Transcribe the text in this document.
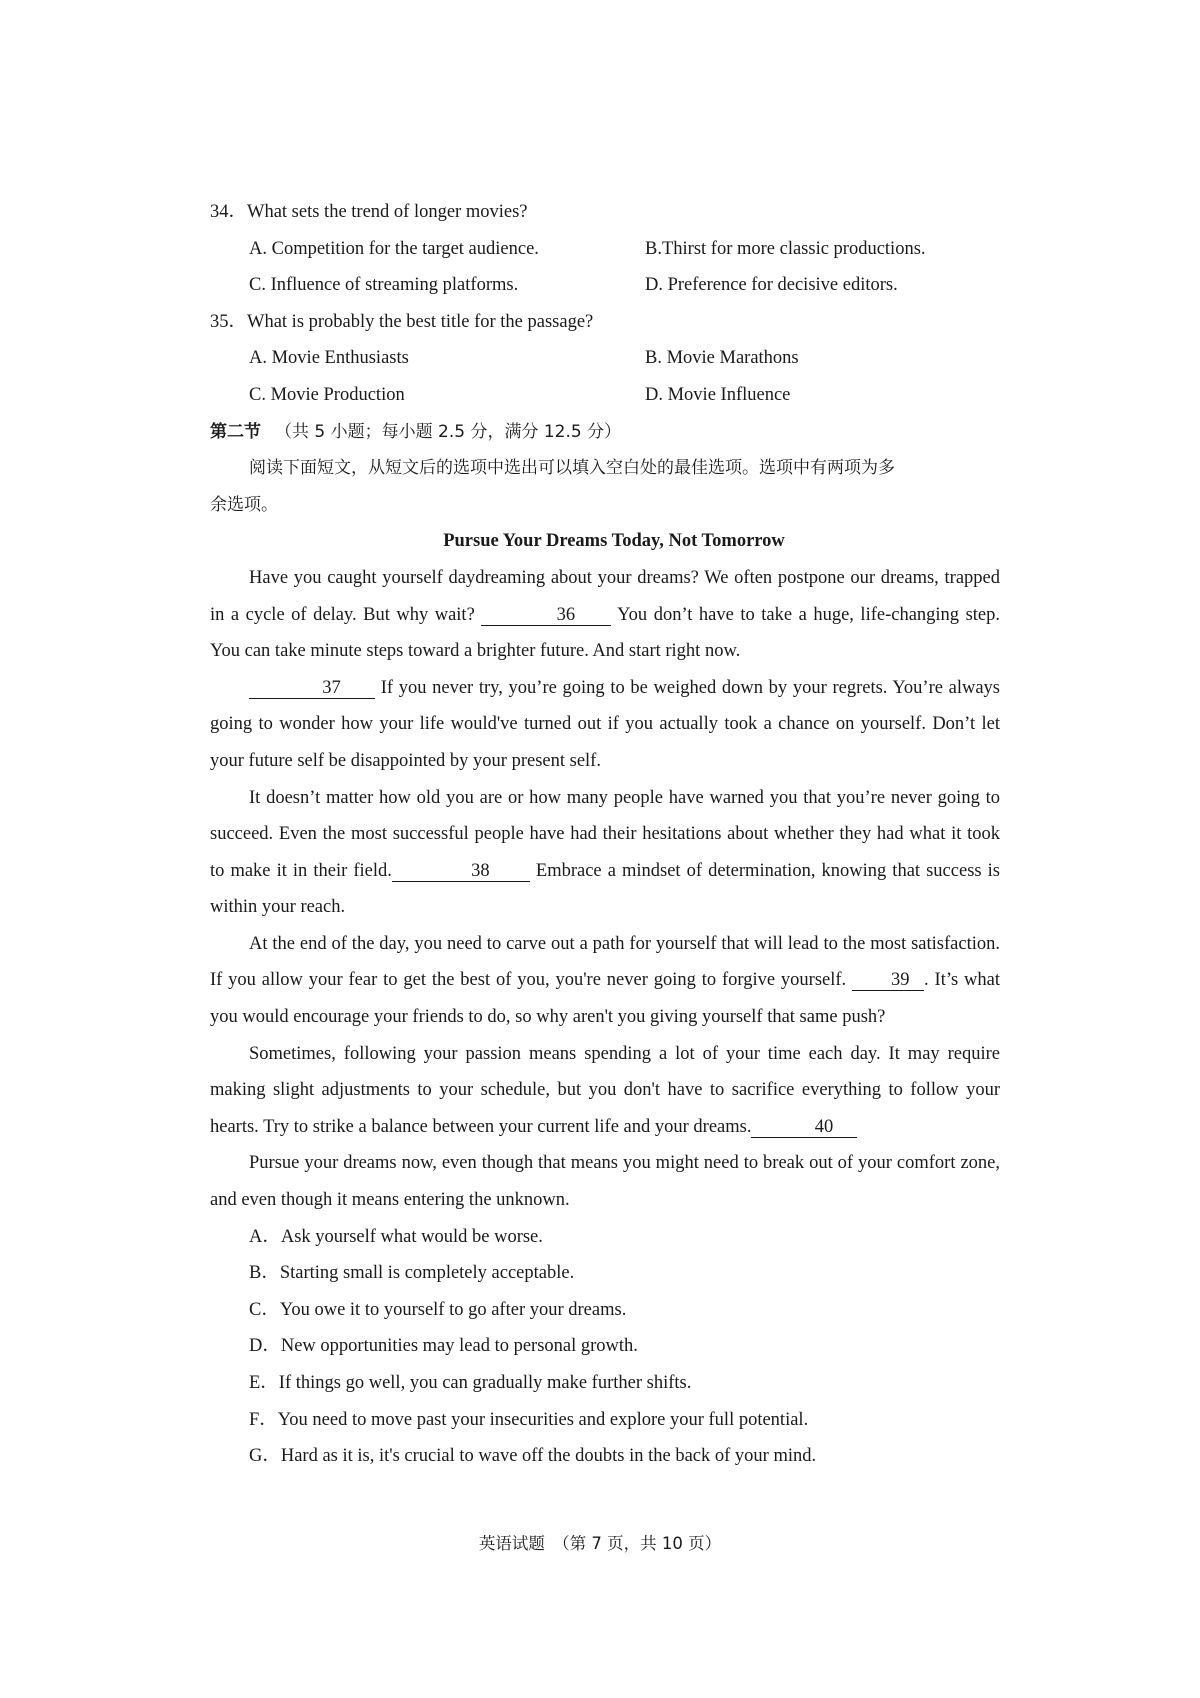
34．What sets the trend of longer movies?
A. Competition for the target audience.	B.Thirst for more classic productions.
C. Influence of streaming platforms.	D. Preference for decisive editors.
35．What is probably the best title for the passage?
A. Movie Enthusiasts	B. Movie Marathons
C. Movie Production	D. Movie Influence
第二节 （共 5 小题；每小题 2.5 分，满分 12.5 分）
阅读下面短文，从短文后的选项中选出可以填入空白处的最佳选项。选项中有两项为多
余选项。
Pursue Your Dreams Today, Not Tomorrow

Have you caught yourself daydreaming about your dreams? We often postpone our dreams, trapped in a cycle of delay. But why wait?	36 You don’t have to take a huge, life-changing step. You can take minute steps toward a brighter future. And start right now.

37 If you never try, you’re going to be weighed down by your regrets. You’re always going to wonder how your life would've turned out if you actually took a chance on yourself. Don’t let your future self be disappointed by your present self.

It doesn’t matter how old you are or how many people have warned you that you’re never going to succeed. Even the most successful people have had their hesitations about whether they had what it took to make it in their field.	38	Embrace a mindset of determination, knowing that success is within your reach.

At the end of the day, you need to carve out a path for yourself that will lead to the most satisfaction. If you allow your fear to get the best of you, you're never going to forgive yourself. 39 . It’s what you would encourage your friends to do, so why aren't you giving yourself that same push?

Sometimes, following your passion means spending a lot of your time each day. It may require making slight adjustments to your schedule, but you don't have to sacrifice everything to follow your hearts. Try to strike a balance between your current life and your dreams.	40

Pursue your dreams now, even though that means you might need to break out of your comfort zone, and even though it means entering the unknown.

A．Ask yourself what would be worse.
B．Starting small is completely acceptable.
C．You owe it to yourself to go after your dreams.
D．New opportunities may lead to personal growth.
E．If things go well, you can gradually make further shifts.
F．You need to move past your insecurities and explore your full potential.
G．Hard as it is, it's crucial to wave off the doubts in the back of your mind.
英语试题　（第 7 页，共 10 页）
